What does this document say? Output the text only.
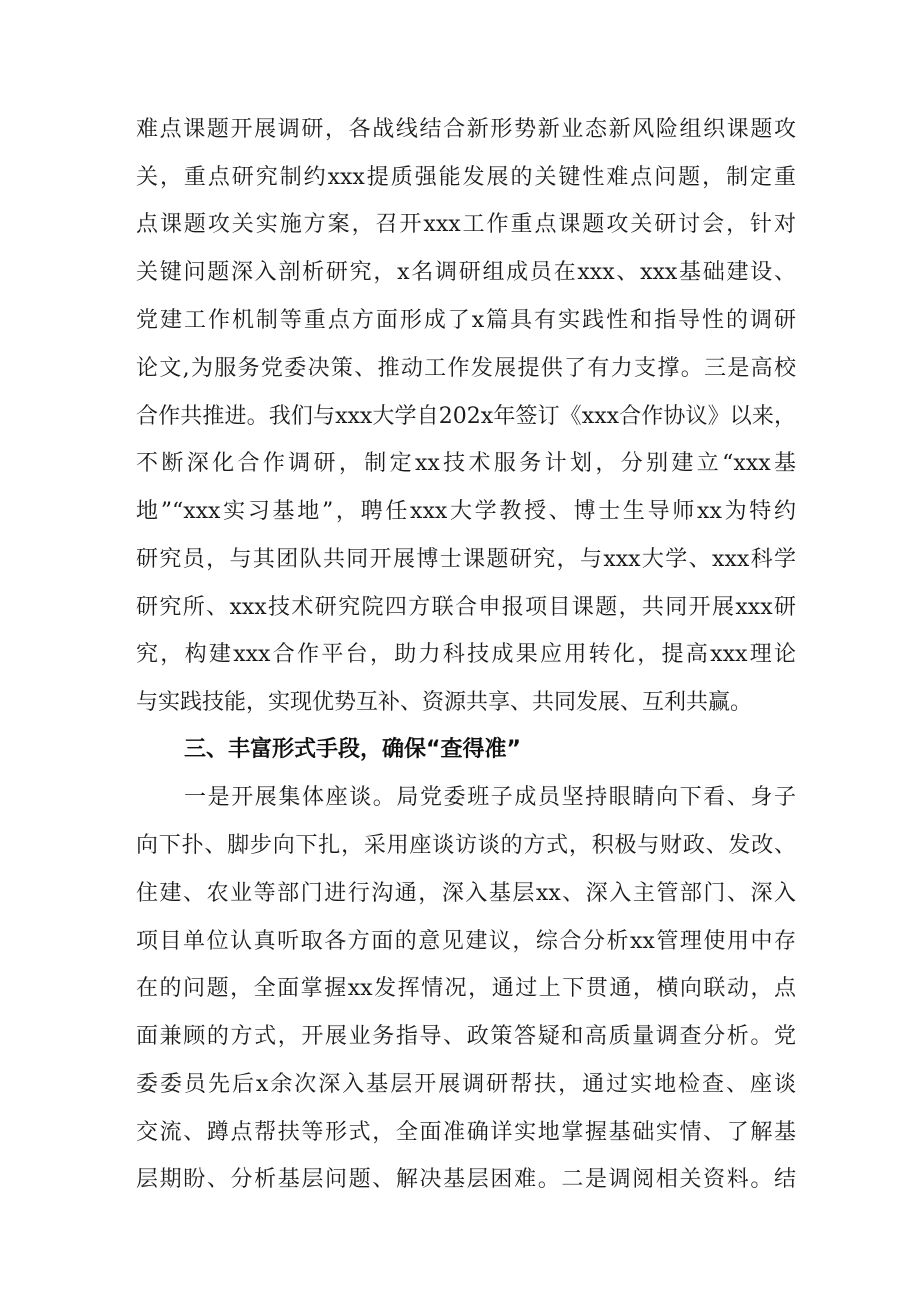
难点课题开展调研，各战线结合新形势新业态新风险组织课题攻
关，重点研究制约xxx提质强能发展的关键性难点问题，制定重
点课题攻关实施方案，召开xxx工作重点课题攻关研讨会，针对
关键问题深入剖析研究，x名调研组成员在xxx、xxx基础建设、
党建工作机制等重点方面形成了x篇具有实践性和指导性的调研
论文,为服务党委决策、推动工作发展提供了有力支撑。三是高校
合作共推进。我们与xxx大学自202x年签订《xxx合作协议》以来，
不断深化合作调研，制定xx技术服务计划，分别建立“xxx基
地”“xxx实习基地”，聘任xxx大学教授、博士生导师xx为特约
研究员，与其团队共同开展博士课题研究，与xxx大学、xxx科学
研究所、xxx技术研究院四方联合申报项目课题，共同开展xxx研
究，构建xxx合作平台，助力科技成果应用转化，提高xxx理论
与实践技能，实现优势互补、资源共享、共同发展、互利共赢。
三、丰富形式手段，确保“查得准”
一是开展集体座谈。局党委班子成员坚持眼睛向下看、身子
向下扑、脚步向下扎，采用座谈访谈的方式，积极与财政、发改、
住建、农业等部门进行沟通，深入基层xx、深入主管部门、深入
项目单位认真听取各方面的意见建议，综合分析xx管理使用中存
在的问题，全面掌握xx发挥情况，通过上下贯通，横向联动，点
面兼顾的方式，开展业务指导、政策答疑和高质量调查分析。党
委委员先后x余次深入基层开展调研帮扶，通过实地检查、座谈
交流、蹲点帮扶等形式，全面准确详实地掌握基础实情、了解基
层期盼、分析基层问题、解决基层困难。二是调阅相关资料。结
